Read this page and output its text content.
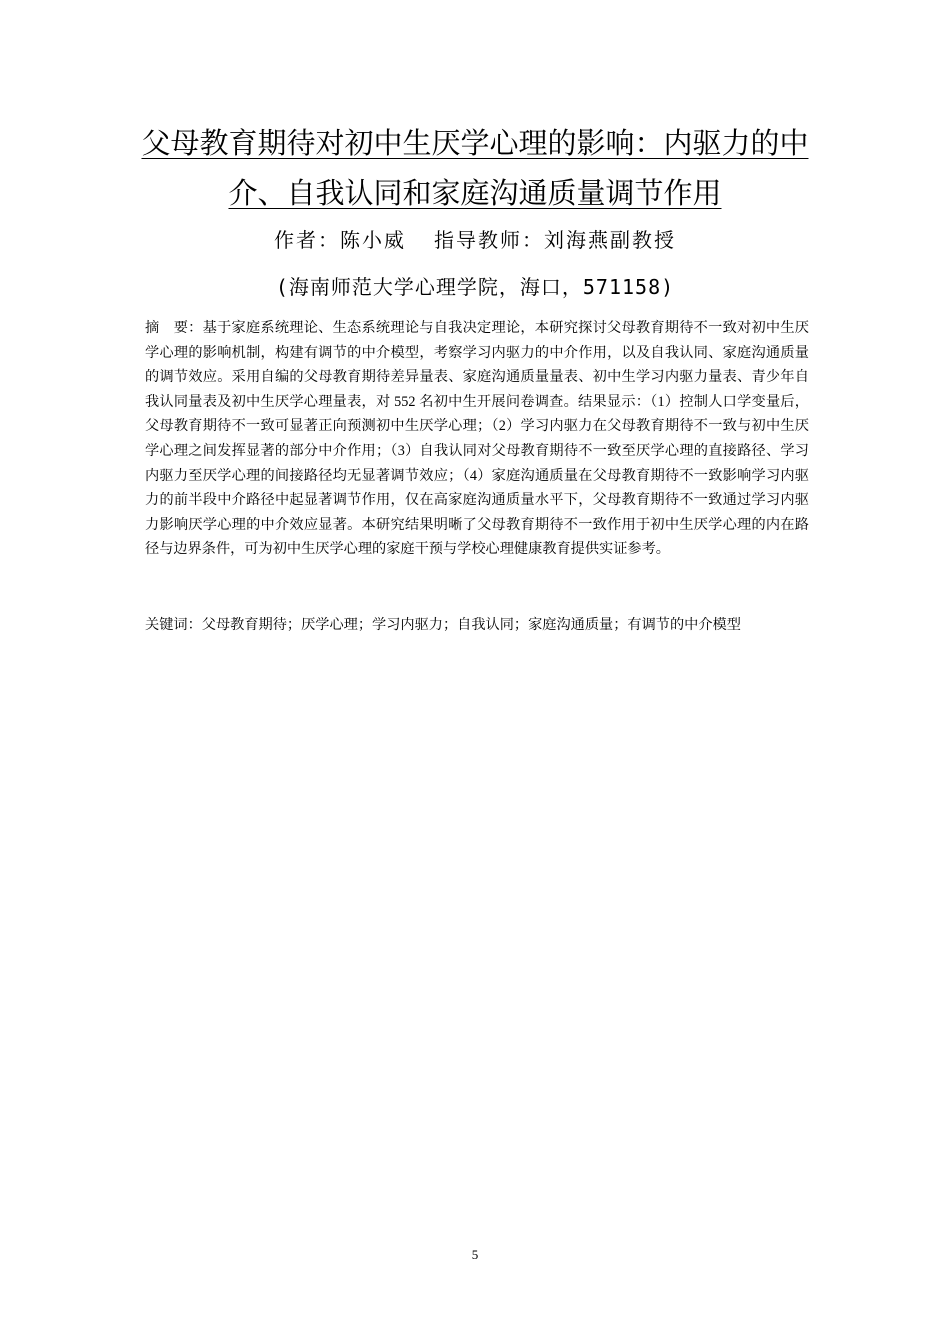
父母教育期待对初中生厌学心理的影响：内驱力的中
介、自我认同和家庭沟通质量调节作用
作者：陈小威 指导教师：刘海燕副教授
(海南师范大学心理学院，海口，571158)

摘 要：基于家庭系统理论、生态系统理论与自我决定理论，本研究探讨父母教育期待不一致对初中生厌学心理的影响机制，构建有调节的中介模型，考察学习内驱力的中介作用，以及自我认同、家庭沟通质量的调节效应。采用自编的父母教育期待差异量表、家庭沟通质量量表、初中生学习内驱力量表、青少年自我认同量表及初中生厌学心理量表，对 552 名初中生开展问卷调查。结果显示：（1）控制人口学变量后，父母教育期待不一致可显著正向预测初中生厌学心理；（2）学习内驱力在父母教育期待不一致与初中生厌学心理之间发挥显著的部分中介作用；（3）自我认同对父母教育期待不一致至厌学心理的直接路径、学习内驱力至厌学心理的间接路径均无显著调节效应；（4）家庭沟通质量在父母教育期待不一致影响学习内驱力的前半段中介路径中起显著调节作用，仅在高家庭沟通质量水平下，父母教育期待不一致通过学习内驱力影响厌学心理的中介效应显著。本研究结果明晰了父母教育期待不一致作用于初中生厌学心理的内在路径与边界条件，可为初中生厌学心理的家庭干预与学校心理健康教育提供实证参考。

关键词：父母教育期待；厌学心理；学习内驱力；自我认同；家庭沟通质量；有调节的中介模型

5
